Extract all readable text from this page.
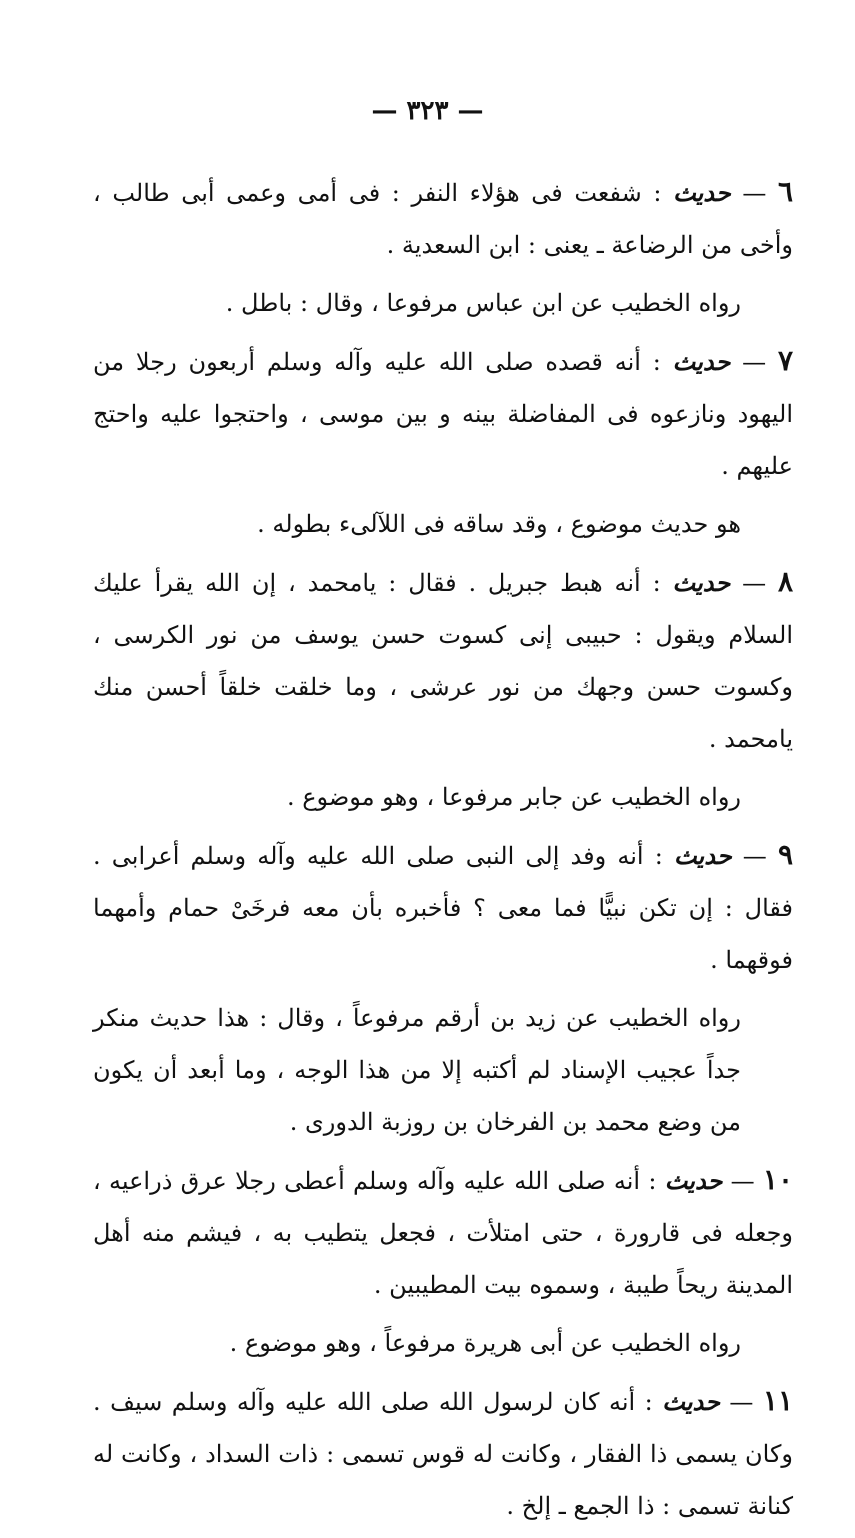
— ٣٢٣ —

٦ — حديث : شفعت فى هؤلاء النفر : فى أمى وعمى أبى طالب ، وأخى من الرضاعة ـ يعنى : ابن السعدية .

رواه الخطيب عن ابن عباس مرفوعا ، وقال : باطل .

٧ — حديث : أنه قصده صلى الله عليه وآله وسلم أربعون رجلا من اليهود ونازعوه فى المفاضلة بينه و بين موسى ، واحتجوا عليه واحتج عليهم .

هو حديث موضوع ، وقد ساقه فى اللآلىء بطوله .

٨ — حديث : أنه هبط جبريل . فقال : يامحمد ، إن الله يقرأ عليك السلام ويقول : حبيبى إنى كسوت حسن يوسف من نور الكرسى ، وكسوت حسن وجهك من نور عرشى ، وما خلقت خلقاً أحسن منك يامحمد .

رواه الخطيب عن جابر مرفوعا ، وهو موضوع .

٩ — حديث : أنه وفد إلى النبى صلى الله عليه وآله وسلم أعرابى . فقال : إن تكن نبيًّا فما معى ؟ فأخبره بأن معه فرخَىْ حمام وأمهما فوقهما .

رواه الخطيب عن زيد بن أرقم مرفوعاً ، وقال : هذا حديث منكر جداً عجيب الإسناد لم أكتبه إلا من هذا الوجه ، وما أبعد أن يكون من وضع محمد بن الفرخان بن روزبة الدورى .

١٠ — حديث : أنه صلى الله عليه وآله وسلم أعطى رجلا عرق ذراعيه ، وجعله فى قارورة ، حتى امتلأت ، فجعل يتطيب به ، فيشم منه أهل المدينة ريحاً طيبة ، وسموه بيت المطيبين .

رواه الخطيب عن أبى هريرة مرفوعاً ، وهو موضوع .

١١ — حديث : أنه كان لرسول الله صلى الله عليه وآله وسلم سيف . وكان يسمى ذا الفقار ، وكانت له قوس تسمى : ذات السداد ، وكانت له كنانة تسمى : ذا الجمع ـ إلخ .
